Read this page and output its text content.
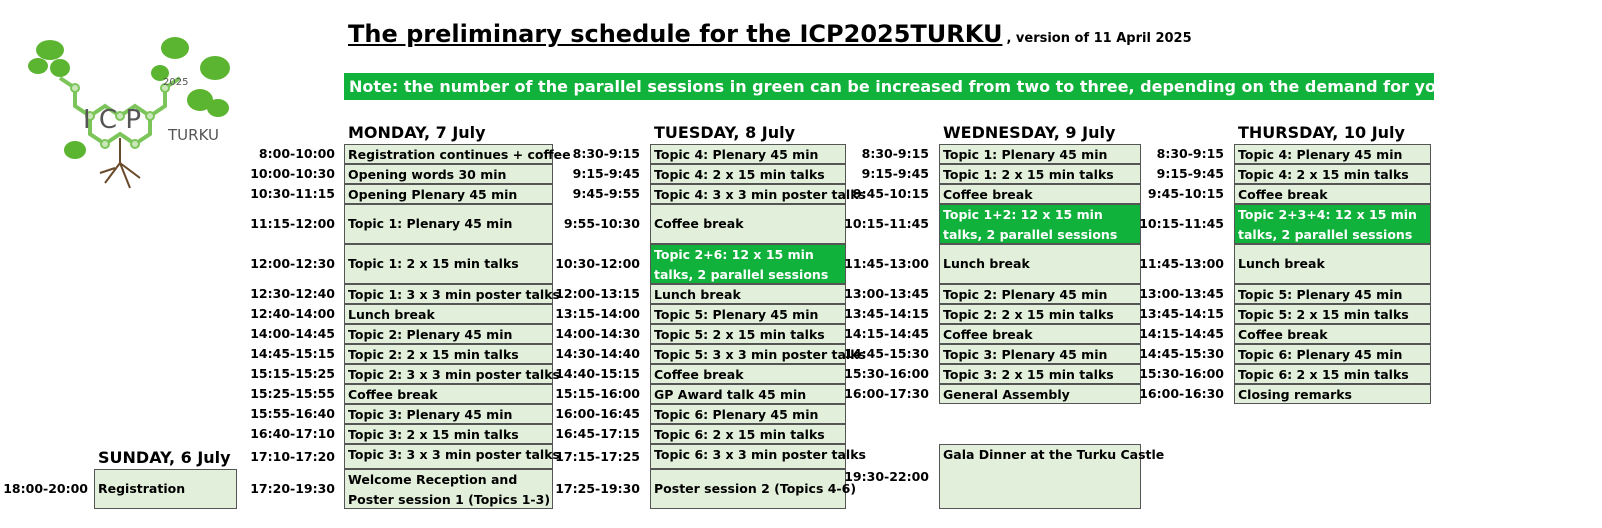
I C P
2025
TURKU
The preliminary schedule for the ICP2025TURKU , version of 11 April 2025
Note: the number of the parallel sessions in green can be increased from two to three, depending on the demand for young scientist talks
SUNDAY, 6 July
MONDAY, 7 July	TUESDAY, 8 July	WEDNESDAY, 9 July	THURSDAY, 10 July
18:00-20:00 Registration
8:00-10:00	Registration continues + coffee
10:00-10:30	Opening words 30 min
10:30-11:15	Opening Plenary 45 min
11:15-12:00 Topic 1: Plenary 45 min
12:00-12:30 Topic 1: 2 x 15 min talks
12:30-12:40	Topic 1: 3 x 3 min poster talks
12:40-14:00	Lunch break
14:00-14:45	Topic 2: Plenary 45 min
14:45-15:15	Topic 2: 2 x 15 min talks
15:15-15:25	Topic 2: 3 x 3 min poster talks
15:25-15:55	Coffee break
15:55-16:40	Topic 3: Plenary 45 min
16:40-17:10	Topic 3: 2 x 15 min talks
17:10-17:20	Topic 3: 3 x 3 min poster talks
17:20-19:30
Welcome Reception and Poster session 1 (Topics 1-3)
8:30-9:15	Topic 4: Plenary 45 min
9:15-9:45	Topic 4: 2 x 15 min talks
9:45-9:55	Topic 4: 3 x 3 min poster talks
9:55-10:30 Coffee break
10:30-12:00
Topic 2+6: 12 x 15 min talks, 2 parallel sessions
12:00-13:15	Lunch break
13:15-14:00	Topic 5: Plenary 45 min
14:00-14:30	Topic 5: 2 x 15 min talks
14:30-14:40	Topic 5: 3 x 3 min poster talks
14:40-15:15	Coffee break
15:15-16:00	GP Award talk 45 min
16:00-16:45	Topic 6: Plenary 45 min
16:45-17:15	Topic 6: 2 x 15 min talks
17:15-17:25	Topic 6: 3 x 3 min poster talks
17:25-19:30 Poster session 2 (Topics 4-6)
8:30-9:15	Topic 1: Plenary 45 min
9:15-9:45	Topic 1: 2 x 15 min talks
9:45-10:15	Coffee break
10:15-11:45
Topic 1+2: 12 x 15 min talks, 2 parallel sessions
11:45-13:00 Lunch break
13:00-13:45	Topic 2: Plenary 45 min
13:45-14:15	Topic 2: 2 x 15 min talks
14:15-14:45	Coffee break
14:45-15:30	Topic 3: Plenary 45 min
15:30-16:00	Topic 3: 2 x 15 min talks
16:00-17:30	General Assembly
19:30-22:00
Gala Dinner at the Turku Castle
8:30-9:15	Topic 4: Plenary 45 min
9:15-9:45	Topic 4: 2 x 15 min talks
9:45-10:15	Coffee break
10:15-11:45
Topic 2+3+4: 12 x 15 min talks, 2 parallel sessions
11:45-13:00 Lunch break
13:00-13:45	Topic 5: Plenary 45 min
13:45-14:15	Topic 5: 2 x 15 min talks
14:15-14:45	Coffee break
14:45-15:30	Topic 6: Plenary 45 min
15:30-16:00	Topic 6: 2 x 15 min talks
16:00-16:30	Closing remarks
